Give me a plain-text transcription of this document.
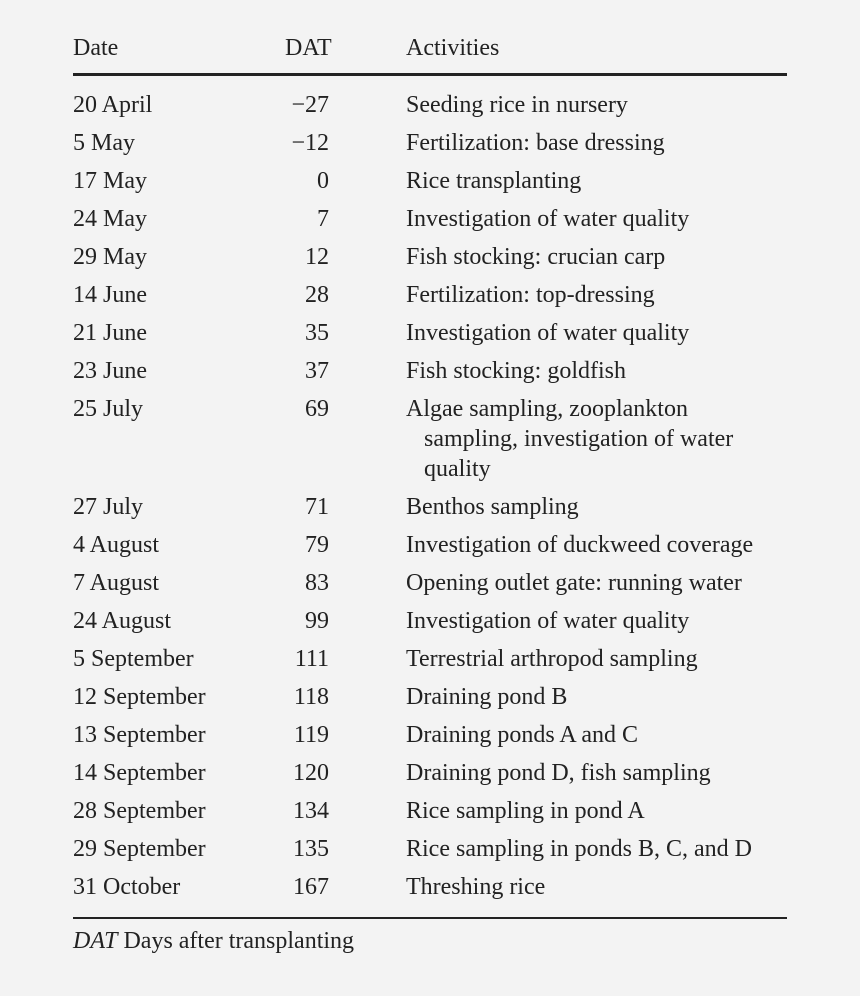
Date	DAT	Activities
20 April	−27	Seeding rice in nursery
5 May	−12	Fertilization: base dressing
17 May	0	Rice transplanting
24 May	7	Investigation of water quality
29 May	12	Fish stocking: crucian carp
14 June	28	Fertilization: top-dressing
21 June	35	Investigation of water quality
23 June	37	Fish stocking: goldfish
25 July	69	Algae sampling, zooplankton
sampling, investigation of water
quality
27 July	71	Benthos sampling
4 August	79	Investigation of duckweed coverage
7 August	83	Opening outlet gate: running water
24 August	99	Investigation of water quality
5 September	111	Terrestrial arthropod sampling
12 September	118	Draining pond B
13 September	119	Draining ponds A and C
14 September	120	Draining pond D, fish sampling
28 September	134	Rice sampling in pond A
29 September	135	Rice sampling in ponds B, C, and D
31 October	167	Threshing rice
DAT Days after transplanting
